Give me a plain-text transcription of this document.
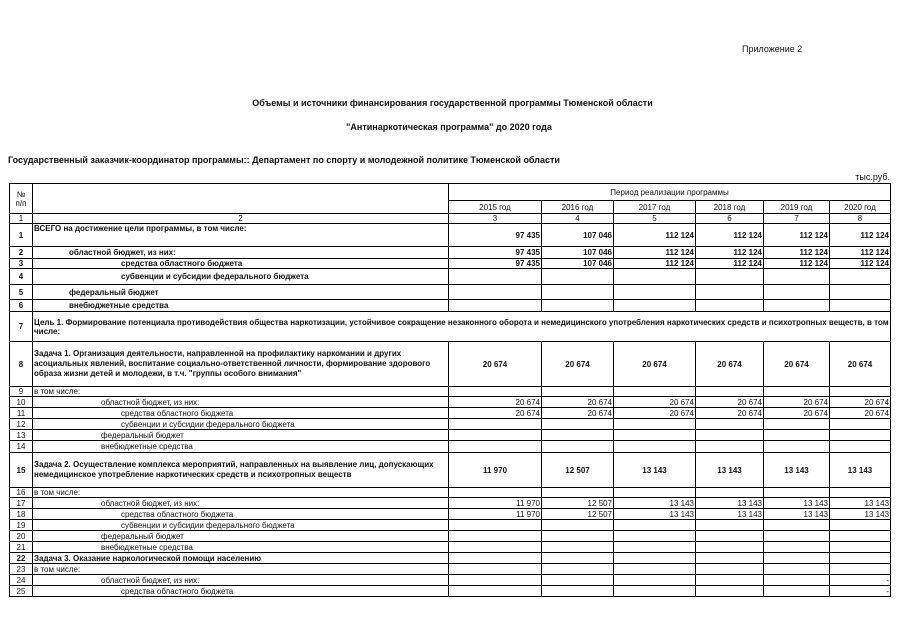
Приложение 2
Объемы и источники финансирования государственной программы Тюменской области
"Антинаркотическая программа" до 2020 года
Государственный заказчик-координатор программы:: Департамент по спорту и молодежной политике Тюменской области
тыс.руб.
№
п/п		Период реализации программы					
		2015 год	2016 год	2017 год	2018 год	2019 год	2020 год
1	2	3	4	5	6	7	8
1	ВСЕГО на достижение цели программы, в том числе:	97 435	107 046	112 124	112 124	112 124	112 124
2	областной бюджет, из них:	97 435	107 046	112 124	112 124	112 124	112 124
3	средства областного бюджета	97 435	107 046	112 124	112 124	112 124	112 124
4	субвенции и субсидии федерального бюджета						
5	федеральный бюджет						
6	внебюджетные средства						
7	Цель 1. Формирование потенциала противодействия общества наркотизации, устойчивое сокращение незаконного оборота и немедицинского употребления наркотических средств и психотропных веществ, в том числе:						
8	Задача 1. Организация деятельности, направленной на профилактику наркомании и других асоциальных явлений, воспитание социально-ответственной личности, формирование здорового образа жизни детей и молодежи, в т.ч. "группы особого внимания"	20 674	20 674	20 674	20 674	20 674	20 674
9	в том числе:						
10	областной бюджет, из них:	20 674	20 674	20 674	20 674	20 674	20 674
11	средства областного бюджета	20 674	20 674	20 674	20 674	20 674	20 674
12	субвенции и субсидии федерального бюджета						
13	федеральный бюджет						
14	внебюджетные средства						
15	Задача 2. Осуществление комплекса мероприятий, направленных на выявление лиц, допускающих немедицинское употребление наркотических средств и психотропных веществ	11 970	12 507	13 143	13 143	13 143	13 143
16	в том числе:						
17	областной бюджет, из них:	11 970	12 507	13 143	13 143	13 143	13 143
18	средства областного бюджета	11 970	12 507	13 143	13 143	13 143	13 143
19	субвенции и субсидии федерального бюджета						
20	федеральный бюджет						
21	внебюджетные средства						
22	Задача 3. Оказание наркологической помощи населению						
23	в том числе:						
24	областной бюджет, из них:						-
25	средства областного бюджета						-
